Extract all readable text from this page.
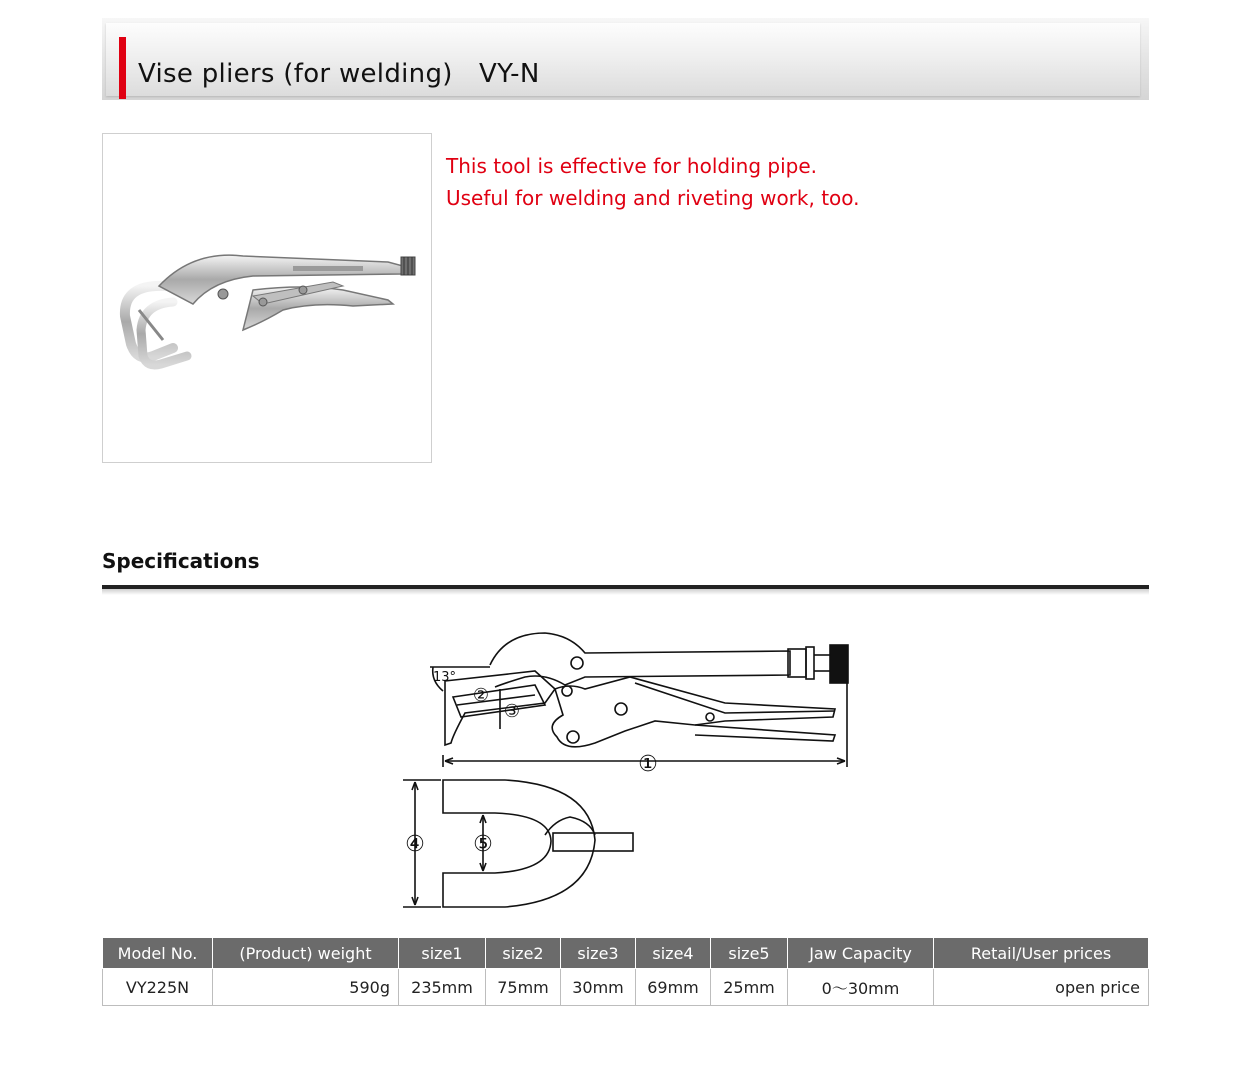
Vise pliers (for welding)　VY-N
This tool is effective for holding pipe.
Useful for welding and riveting work, too.
Specifications
13°
①
②
③
④ ⑤
Model No.	(Product) weight	size1	size2	size3	size4	size5	Jaw Capacity	Retail/User prices
VY225N	590g	235mm	75mm	30mm	69mm	25mm	0～30mm	open price
